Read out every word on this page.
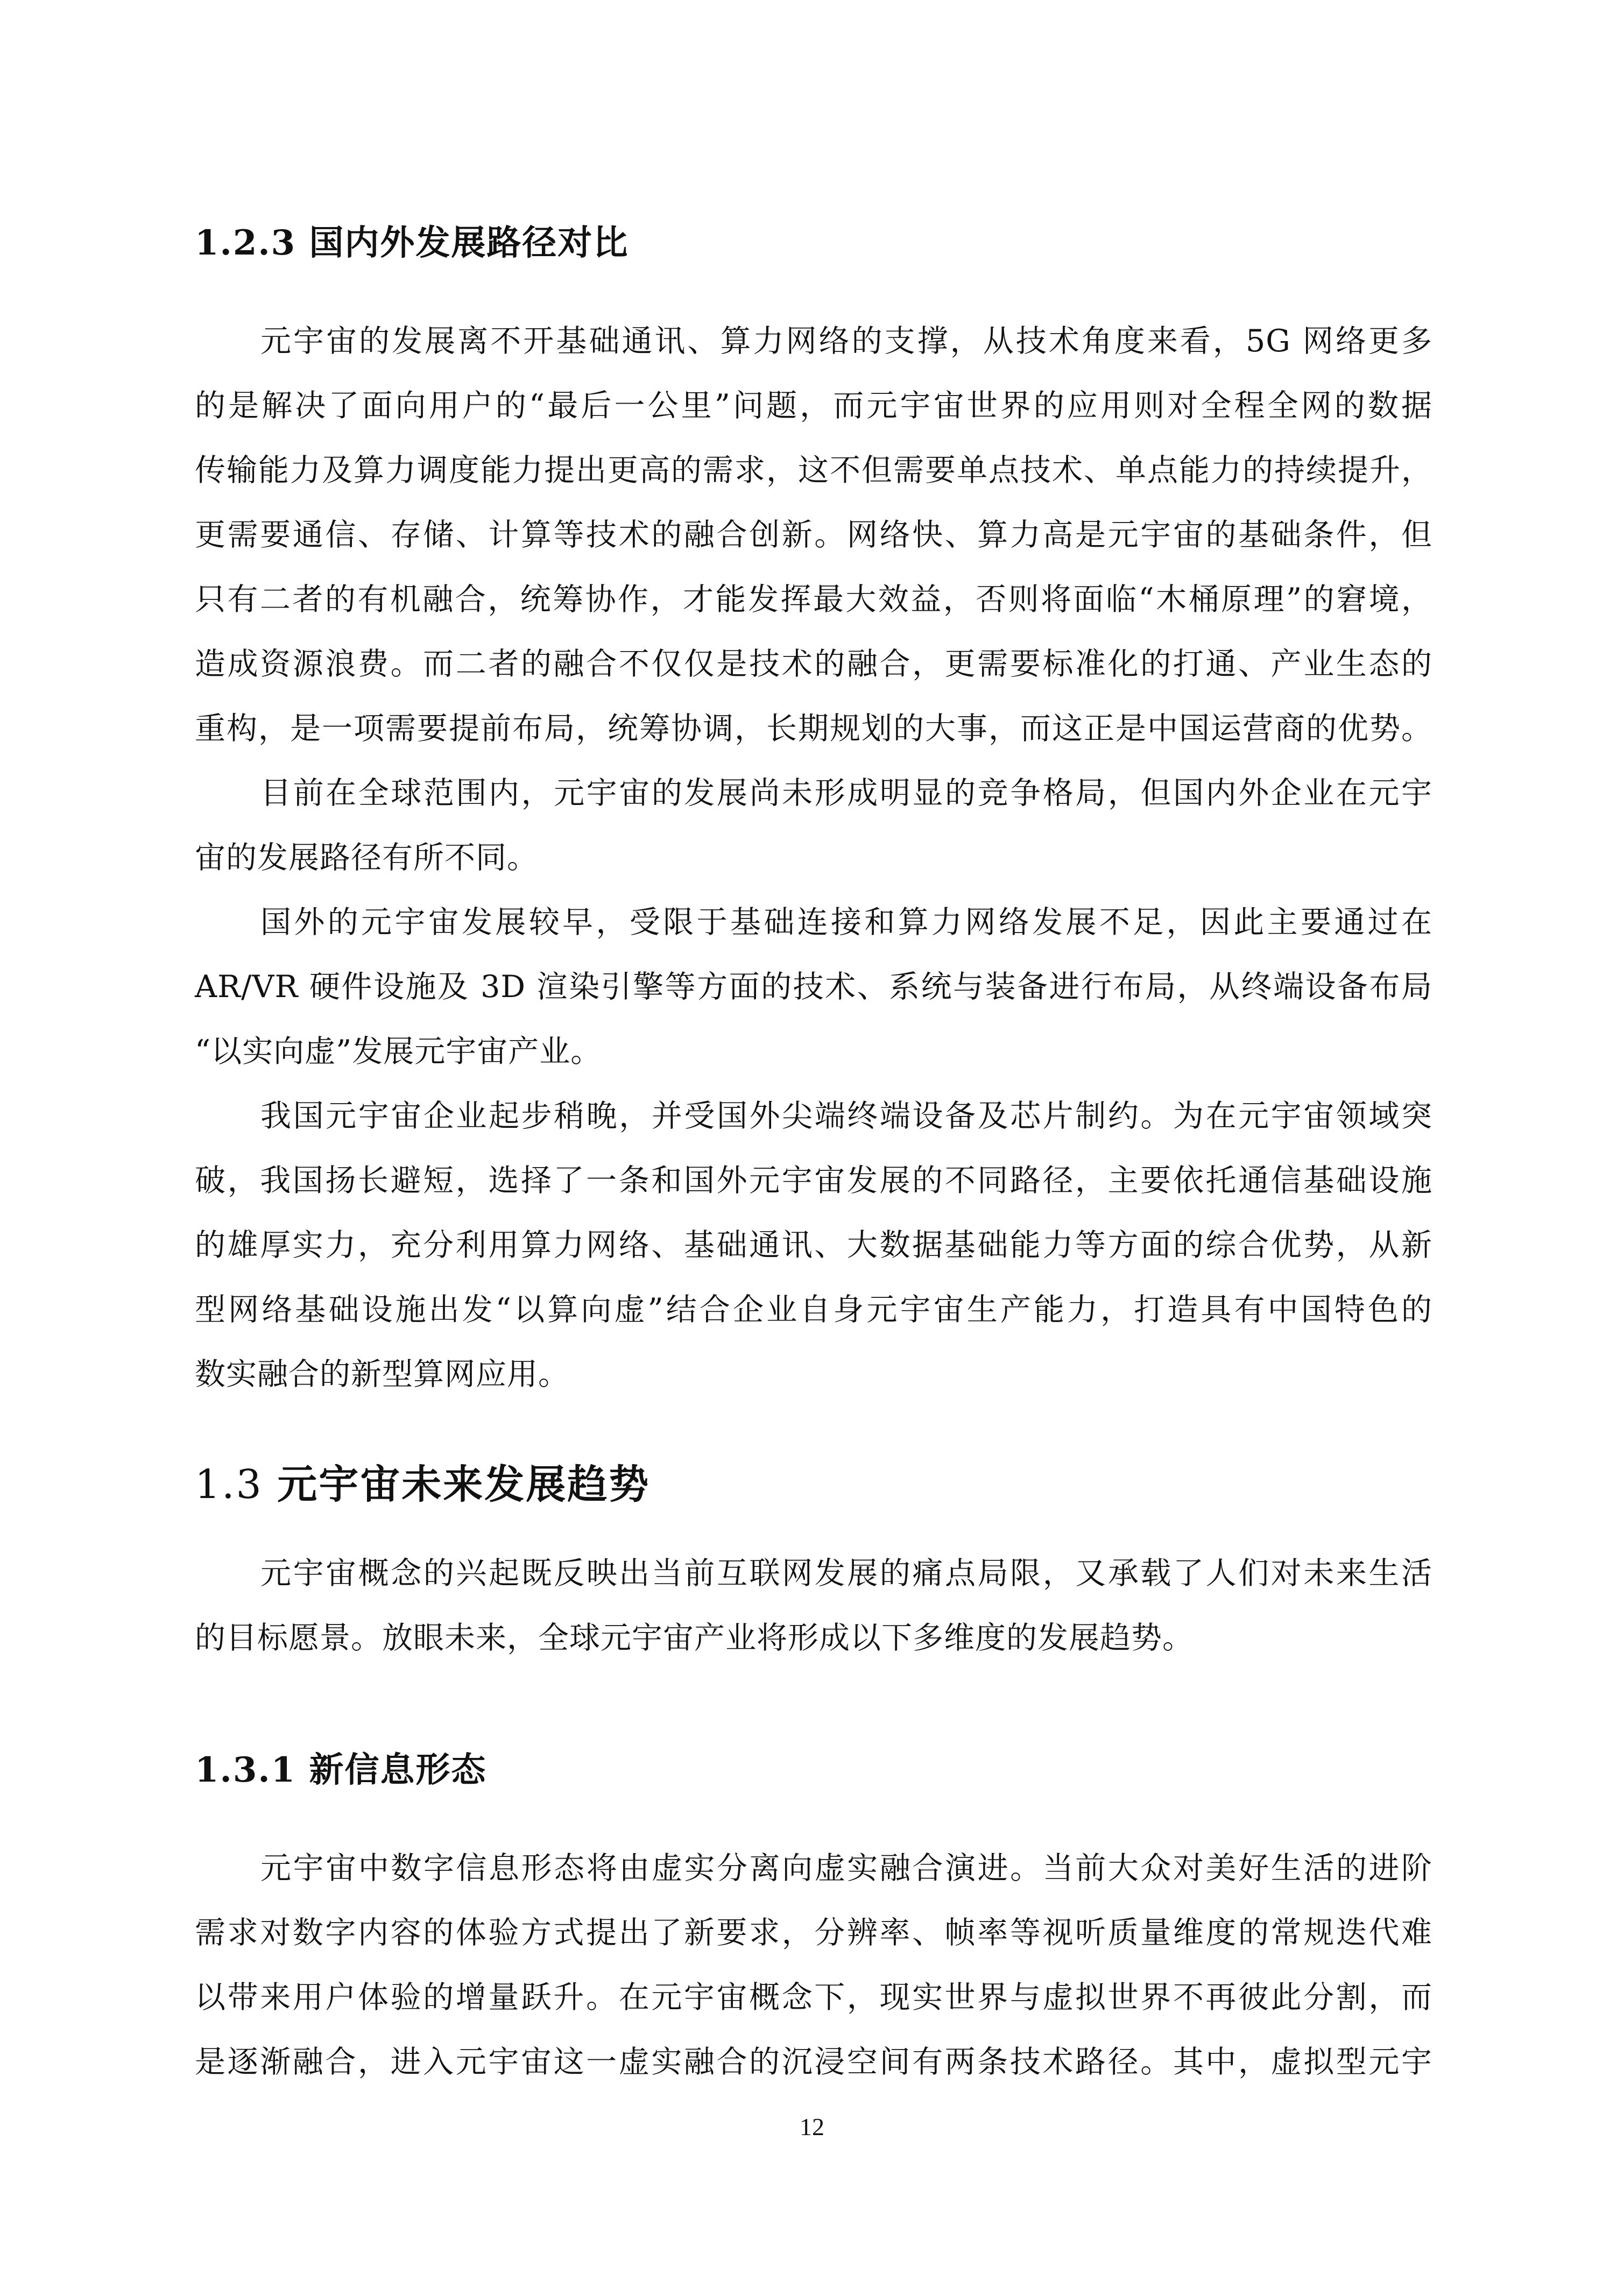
1.2.3 国内外发展路径对比
元宇宙的发展离不开基础通讯、算力网络的支撑，从技术角度来看，5G 网络更多
的是解决了面向用户的“最后一公里”问题，而元宇宙世界的应用则对全程全网的数据
传输能力及算力调度能力提出更高的需求，这不但需要单点技术、单点能力的持续提升，
更需要通信、存储、计算等技术的融合创新。网络快、算力高是元宇宙的基础条件，但
只有二者的有机融合，统筹协作，才能发挥最大效益，否则将面临“木桶原理”的窘境，
造成资源浪费。而二者的融合不仅仅是技术的融合，更需要标准化的打通、产业生态的
重构，是一项需要提前布局，统筹协调，长期规划的大事，而这正是中国运营商的优势。
目前在全球范围内，元宇宙的发展尚未形成明显的竞争格局，但国内外企业在元宇
宙的发展路径有所不同。
国外的元宇宙发展较早，受限于基础连接和算力网络发展不足，因此主要通过在
AR/VR 硬件设施及 3D 渲染引擎等方面的技术、系统与装备进行布局，从终端设备布局
“以实向虚”发展元宇宙产业。
我国元宇宙企业起步稍晚，并受国外尖端终端设备及芯片制约。为在元宇宙领域突
破，我国扬长避短，选择了一条和国外元宇宙发展的不同路径，主要依托通信基础设施
的雄厚实力，充分利用算力网络、基础通讯、大数据基础能力等方面的综合优势，从新
型网络基础设施出发“以算向虚”结合企业自身元宇宙生产能力，打造具有中国特色的
数实融合的新型算网应用。
1.3 元宇宙未来发展趋势
元宇宙概念的兴起既反映出当前互联网发展的痛点局限，又承载了人们对未来生活
的目标愿景。放眼未来，全球元宇宙产业将形成以下多维度的发展趋势。
1.3.1 新信息形态
元宇宙中数字信息形态将由虚实分离向虚实融合演进。当前大众对美好生活的进阶
需求对数字内容的体验方式提出了新要求，分辨率、帧率等视听质量维度的常规迭代难
以带来用户体验的增量跃升。在元宇宙概念下，现实世界与虚拟世界不再彼此分割，而
是逐渐融合，进入元宇宙这一虚实融合的沉浸空间有两条技术路径。其中，虚拟型元宇
12
